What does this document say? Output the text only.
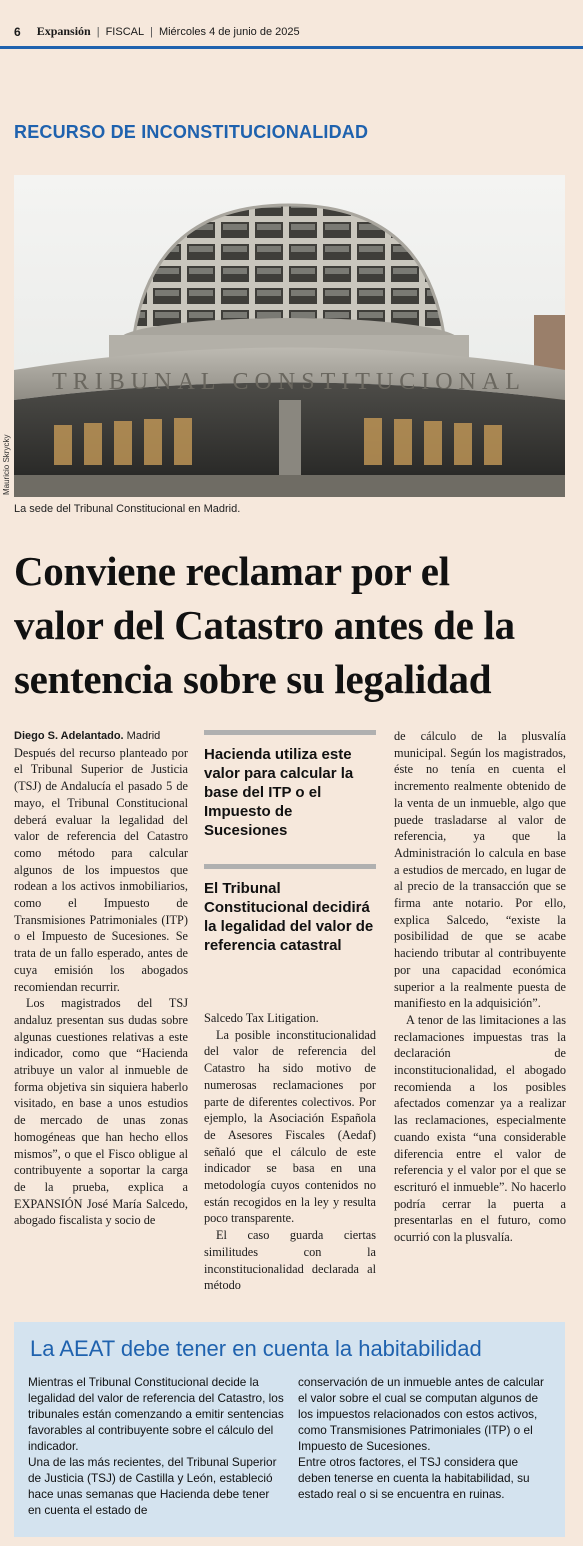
6 Expansión | FISCAL | Miércoles 4 de junio de 2025
RECURSO DE INCONSTITUCIONALIDAD
TRIBUNAL CONSTITUCIONAL
Mauricio Skrycky
La sede del Tribunal Constitucional en Madrid.
Conviene reclamar por el
valor del Catastro antes de la
sentencia sobre su legalidad

Diego S. Adelantado. Madrid

Después del recurso planteado por el Tribunal Superior de Justicia (TSJ) de Andalucía el pasado 5 de mayo, el Tribunal Constitucional deberá evaluar la legalidad del valor de referencia del Catastro como método para calcular algunos de los impuestos que rodean a los activos inmobiliarios, como el Impuesto de Transmisiones Patrimoniales (ITP) o el Impuesto de Sucesiones. Se trata de un fallo esperado, antes de cuya emisión los abogados recomiendan recurrir.

Los magistrados del TSJ andaluz presentan sus dudas sobre algunas cuestiones relativas a este indicador, como que “Hacienda atribuye un valor al inmueble de forma objetiva sin siquiera haberlo visitado, en base a unos estudios de mercado de unas zonas homogéneas que han hecho ellos mismos”, o que el Fisco obligue al contribuyente a soportar la carga de la prueba, explica a EXPANSIÓN José María Salcedo, abogado fiscalista y socio de

Hacienda utiliza este valor para calcular la base del ITP o el Impuesto de Sucesiones
El Tribunal Constitucional decidirá la legalidad del valor de referencia catastral

Salcedo Tax Litigation.

La posible inconstitucionalidad del valor de referencia del Catastro ha sido motivo de numerosas reclamaciones por parte de diferentes colectivos. Por ejemplo, la Asociación Española de Asesores Fiscales (Aedaf) señaló que el cálculo de este indicador se basa en una metodología cuyos contenidos no están recogidos en la ley y resulta poco transparente.

El caso guarda ciertas similitudes con la inconstitucionalidad declarada al método

de cálculo de la plusvalía municipal. Según los magistrados, éste no tenía en cuenta el incremento realmente obtenido de la venta de un inmueble, algo que puede trasladarse al valor de referencia, ya que la Administración lo calcula en base a estudios de mercado, en lugar de al precio de la transacción que se firma ante notario. Por ello, explica Salcedo, “existe la posibilidad de que se acabe haciendo tributar al contribuyente por una capacidad económica superior a la realmente puesta de manifiesto en la adquisición”.

A tenor de las limitaciones a las reclamaciones impuestas tras la declaración de inconstitucionalidad, el abogado recomienda a los posibles afectados comenzar ya a realizar las reclamaciones, especialmente cuando exista “una considerable diferencia entre el valor de referencia y el valor por el que se escrituró el inmueble”. No hacerlo podría cerrar la puerta a presentarlas en el futuro, como ocurrió con la plusvalía.

La AEAT debe tener en cuenta la habitabilidad

Mientras el Tribunal Constitucional decide la legalidad del valor de referencia del Catastro, los tribunales están comenzando a emitir sentencias favorables al contribuyente sobre el cálculo del indicador.

Una de las más recientes, del Tribunal Superior de Justicia (TSJ) de Castilla y León, estableció hace unas semanas que Hacienda debe tener en cuenta el estado de

conservación de un inmueble antes de calcular el valor sobre el cual se computan algunos de los impuestos relacionados con estos activos, como Transmisiones Patrimoniales (ITP) o el Impuesto de Sucesiones.

Entre otros factores, el TSJ considera que deben tenerse en cuenta la habitabilidad, su estado real o si se encuentra en ruinas.
